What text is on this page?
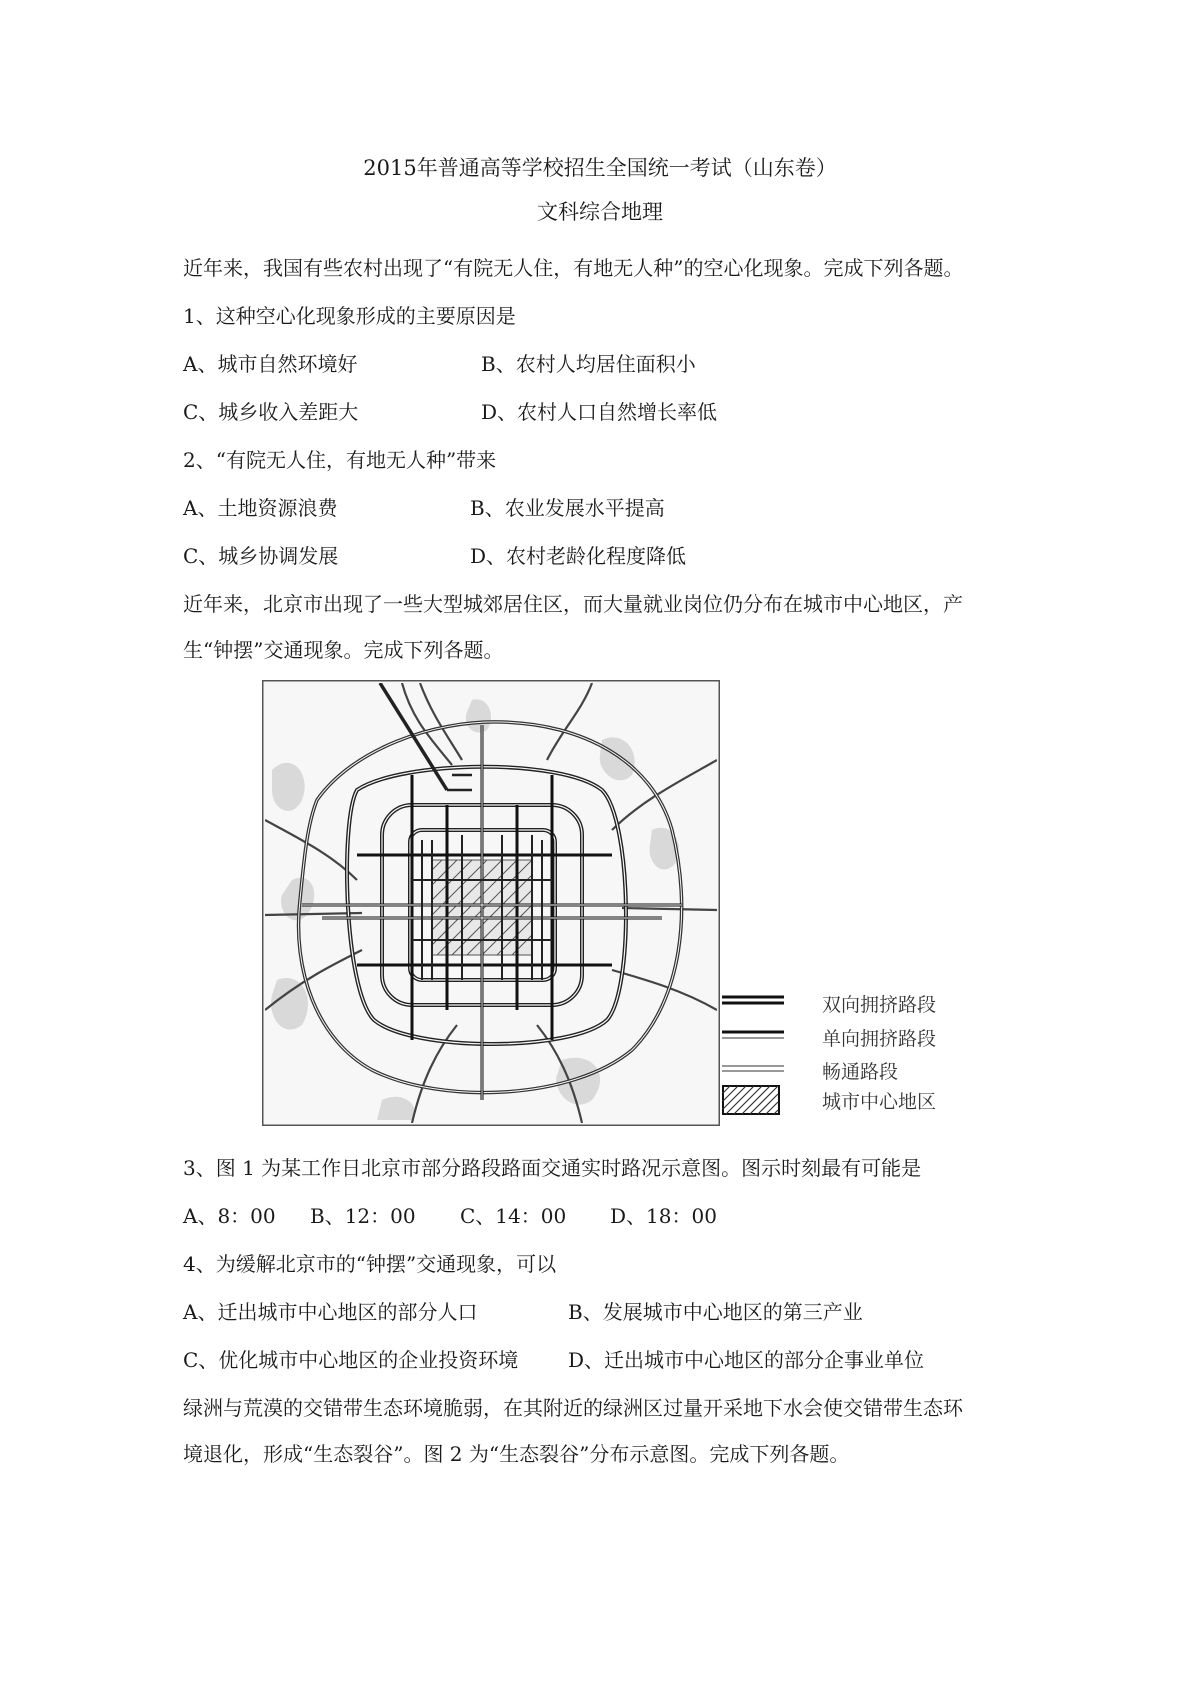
2015年普通高等学校招生全国统一考试（山东卷）
文科综合地理
近年来，我国有些农村出现了“有院无人住，有地无人种”的空心化现象。完成下列各题。
1、这种空心化现象形成的主要原因是
A、城市自然环境好	B、农村人均居住面积小
C、城乡收入差距大	D、农村人口自然增长率低
2、“有院无人住，有地无人种”带来
A、土地资源浪费	B、农业发展水平提高
C、城乡协调发展	D、农村老龄化程度降低
近年来，北京市出现了一些大型城郊居住区，而大量就业岗位仍分布在城市中心地区，产
生“钟摆”交通现象。完成下列各题。
双向拥挤路段
单向拥挤路段
畅通路段
城市中心地区
3、图 1 为某工作日北京市部分路段路面交通实时路况示意图。图示时刻最有可能是
A、8：00 B、12：00 C、14：00 D、18：00
4、为缓解北京市的“钟摆”交通现象，可以
A、迁出城市中心地区的部分人口	B、发展城市中心地区的第三产业
C、优化城市中心地区的企业投资环境 D、迁出城市中心地区的部分企事业单位
绿洲与荒漠的交错带生态环境脆弱，在其附近的绿洲区过量开采地下水会使交错带生态环
境退化，形成“生态裂谷”。图 2 为“生态裂谷”分布示意图。完成下列各题。
